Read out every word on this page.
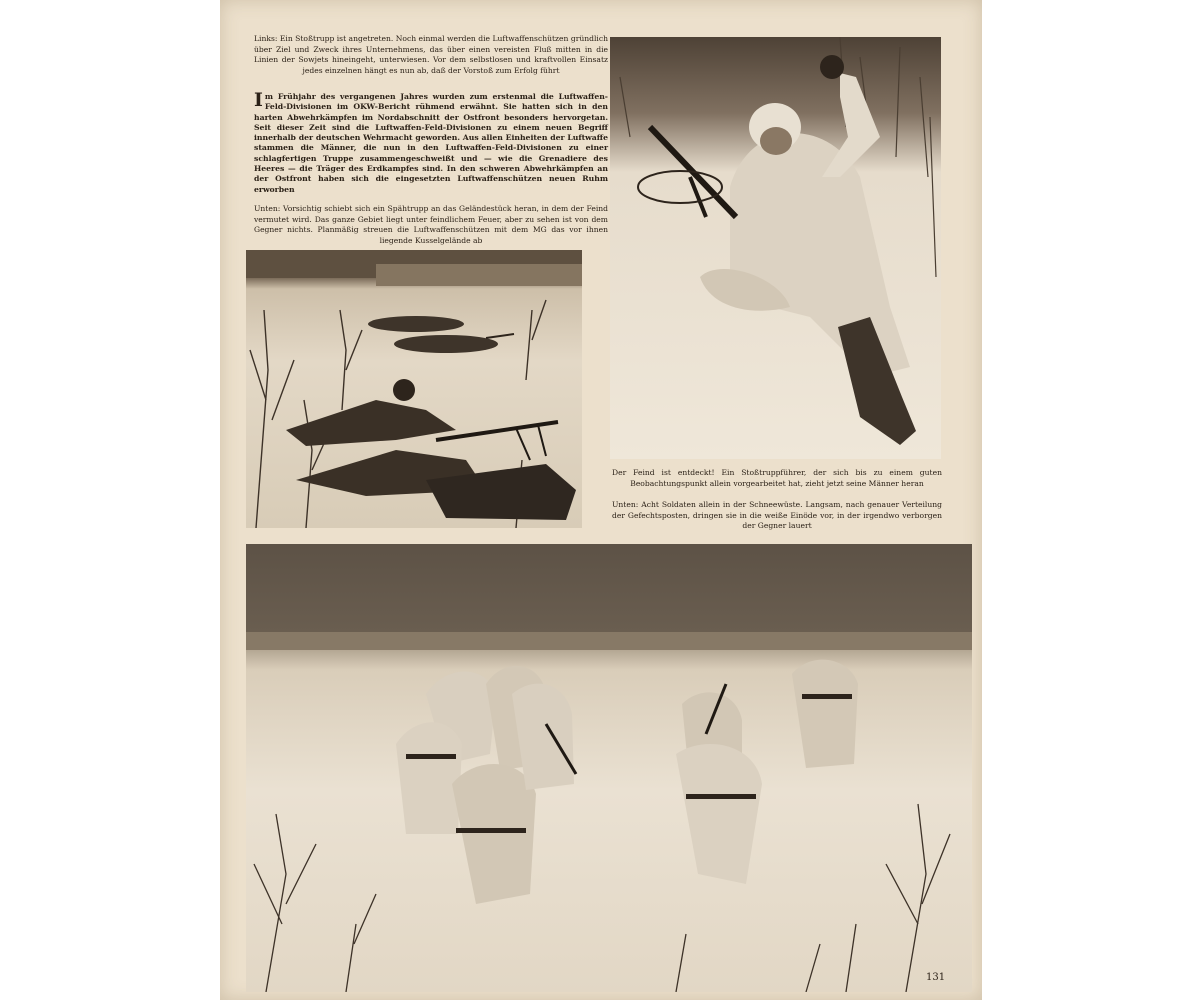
Links: Ein Stoßtrupp ist angetreten. Noch einmal werden die Luftwaffenschützen gründlich über Ziel und Zweck ihres Unternehmens, das über einen vereisten Fluß mitten in die Linien der Sowjets hineingeht, unterwiesen. Vor dem selbstlosen und kraftvollen Einsatz jedes einzelnen hängt es nun ab, daß der Vorstoß zum Erfolg führt
Im Frühjahr des vergangenen Jahres wurden zum erstenmal die Luftwaffen-Feld-Divisionen im OKW-Bericht rühmend erwähnt. Sie hatten sich in den harten Abwehrkämpfen im Nordabschnitt der Ostfront besonders hervorgetan. Seit dieser Zeit sind die Luftwaffen-Feld-Divisionen zu einem neuen Begriff innerhalb der deutschen Wehrmacht geworden. Aus allen Einheiten der Luftwaffe stammen die Männer, die nun in den Luftwaffen-Feld-Divisionen zu einer schlagfertigen Truppe zusammengeschweißt und — wie die Grenadiere des Heeres — die Träger des Erdkampfes sind. In den schweren Abwehrkämpfen an der Ostfront haben sich die eingesetzten Luftwaffenschützen neuen Ruhm erworben
Unten: Vorsichtig schiebt sich ein Spähtrupp an das Geländestück heran, in dem der Feind vermutet wird. Das ganze Gebiet liegt unter feindlichem Feuer, aber zu sehen ist von dem Gegner nichts. Planmäßig streuen die Luftwaffenschützen mit dem MG das vor ihnen liegende Kusselgelände ab
Der Feind ist entdeckt! Ein Stoßtruppführer, der sich bis zu einem guten Beobachtungspunkt allein vorgearbeitet hat, zieht jetzt seine Männer heran
Unten: Acht Soldaten allein in der Schneewüste. Langsam, nach genauer Verteilung der Gefechtsposten, dringen sie in die weiße Einöde vor, in der irgendwo verborgen der Gegner lauert
131
